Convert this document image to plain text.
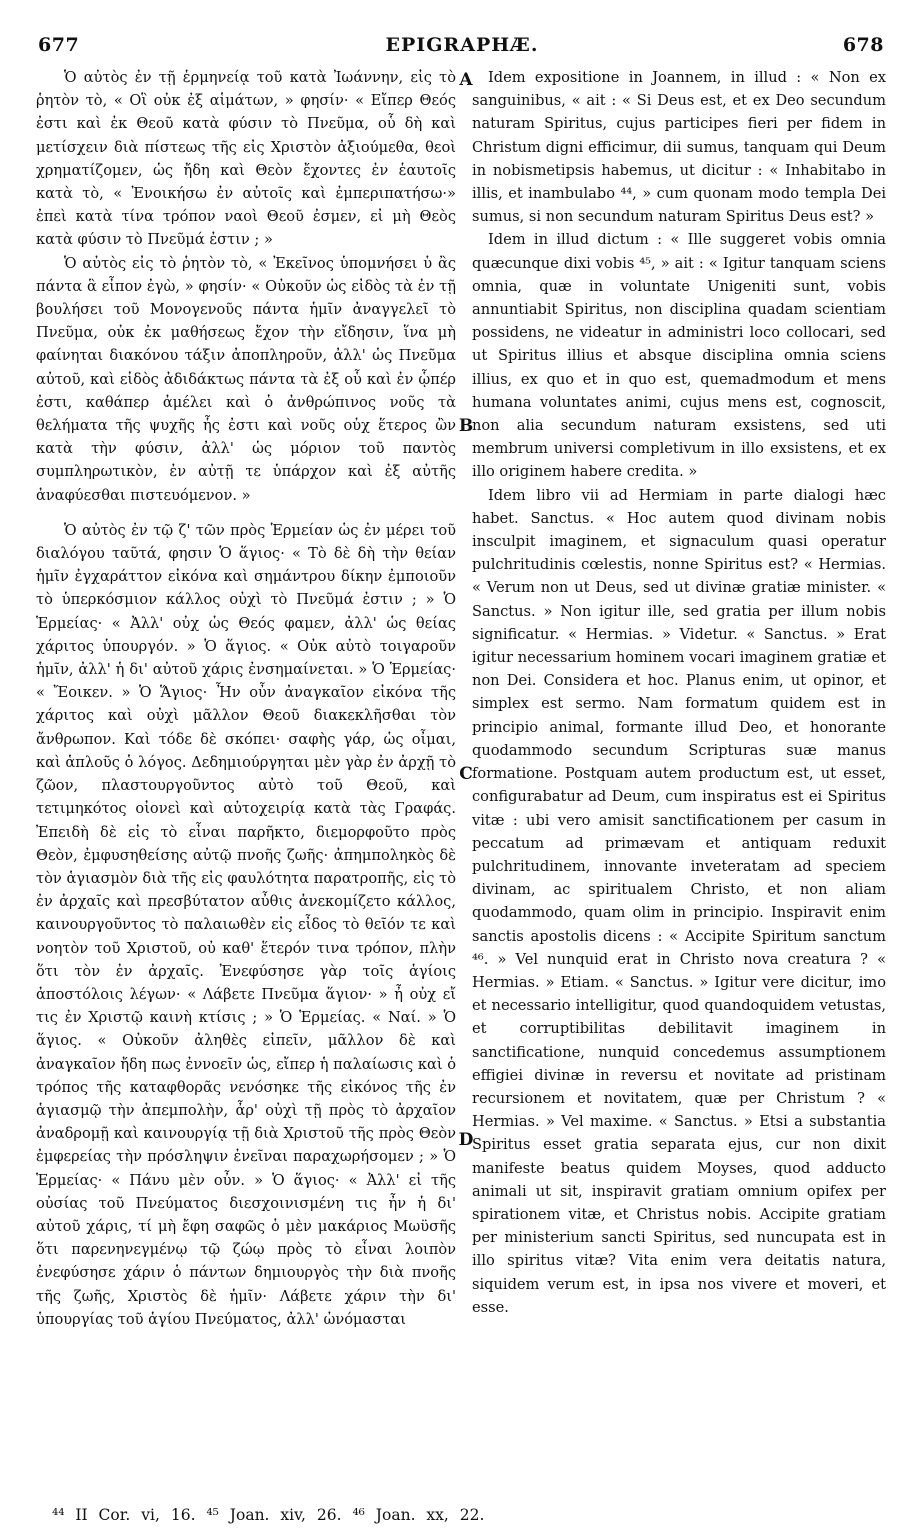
677	EPIGRAPHÆ.	678

Ὁ αὐτὸς ἐν τῇ ἑρμηνείᾳ τοῦ κατὰ Ἰωάννην, εἰς τὸ ῥητὸν τὸ, « Οἳ οὐκ ἐξ αἱμάτων, » φησίν· « Εἴπερ Θεός ἐστι καὶ ἐκ Θεοῦ κατὰ φύσιν τὸ Πνεῦμα, οὗ δὴ καὶ μετίσχειν διὰ πίστεως τῆς εἰς Χριστὸν ἀξιούμεθα, θεοὶ χρηματίζομεν, ὡς ἤδη καὶ Θεὸν ἔχοντες ἐν ἑαυτοῖς κατὰ τὸ, « Ἐνοικήσω ἐν αὐτοῖς καὶ ἐμπεριπατήσω·» ἐπεὶ κατὰ τίνα τρόπον ναοὶ Θεοῦ ἐσμεν, εἰ μὴ Θεὸς κατὰ φύσιν τὸ Πνεῦμά ἐστιν ; »

Ὁ αὐτὸς εἰς τὸ ῥητὸν τὸ, « Ἐκεῖνος ὑπομνήσει ὑ ἂς πάντα ἃ εἶπον ἐγὼ, » φησίν· « Οὐκοῦν ὡς εἰδὸς τὰ ἐν τῇ βουλήσει τοῦ Μονογενοῦς πάντα ἡμῖν ἀναγγελεῖ τὸ Πνεῦμα, οὐκ ἐκ μαθήσεως ἔχον τὴν εἴδησιν, ἵνα μὴ φαίνηται διακόνου τάξιν ἀποπληροῦν, ἀλλ' ὡς Πνεῦμα αὐτοῦ, καὶ εἰδὸς ἀδιδάκτως πάντα τὰ ἐξ οὗ καὶ ἐν ᾧπέρ ἐστι, καθάπερ ἀμέλει καὶ ὁ ἀνθρώπινος νοῦς τὰ θελήματα τῆς ψυχῆς ἧς ἐστι καὶ νοῦς οὐχ ἕτερος ὢν κατὰ τὴν φύσιν, ἀλλ' ὡς μόριον τοῦ παντὸς συμπληρωτικὸν, ἐν αὐτῇ τε ὑπάρχον καὶ ἐξ αὐτῆς ἀναφύεσθαι πιστευόμενον. »

Ὁ αὐτὸς ἐν τῷ ζ' τῶν πρὸς Ἑρμείαν ὡς ἐν μέρει τοῦ διαλόγου ταῦτά, φησιν Ὁ ἅγιος· « Τὸ δὲ δὴ τὴν θείαν ἡμῖν ἐγχαράττον εἰκόνα καὶ σημάντρου δίκην ἐμποιοῦν τὸ ὑπερκόσμιον κάλλος οὐχὶ τὸ Πνεῦμά ἐστιν ; » Ὁ Ἑρμείας· « Ἀλλ' οὐχ ὡς Θεός φαμεν, ἀλλ' ὡς θείας χάριτος ὑπουργόν. » Ὁ ἅγιος. « Οὐκ αὐτὸ τοιγαροῦν ἡμῖν, ἀλλ' ἡ δι' αὐτοῦ χάρις ἐνσημαίνεται. » Ὁ Ἑρμείας· « Ἔοικεν. » Ὁ Ἅγιος· Ἦν οὖν ἀναγκαῖον εἰκόνα τῆς χάριτος καὶ οὐχὶ μᾶλλον Θεοῦ διακεκλῆσθαι τὸν ἄνθρωπον. Καὶ τόδε δὲ σκόπει· σαφὴς γάρ, ὡς οἶμαι, καὶ ἁπλοῦς ὁ λόγος. Δεδημιούργηται μὲν γὰρ ἐν ἀρχῇ τὸ ζῶον, πλαστουργοῦντος αὐτὸ τοῦ Θεοῦ, καὶ τετιμηκότος οἰονεὶ καὶ αὐτοχειρίᾳ κατὰ τὰς Γραφάς. Ἐπειδὴ δὲ εἰς τὸ εἶναι παρῆκτο, διεμορφοῦτο πρὸς Θεὸν, ἐμφυσηθείσης αὐτῷ πνοῆς ζωῆς· ἀπημποληκὸς δὲ τὸν ἁγιασμὸν διὰ τῆς εἰς φαυλότητα παρατροπῆς, εἰς τὸ ἐν ἀρχαῖς καὶ πρεσβύτατον αὖθις ἀνεκομίζετο κάλλος, καινουργοῦντος τὸ παλαιωθὲν εἰς εἶδος τὸ θεῖόν τε καὶ νοητὸν τοῦ Χριστοῦ, οὐ καθ' ἕτερόν τινα τρόπον, πλὴν ὅτι τὸν ἐν ἀρχαῖς. Ἐνεφύσησε γὰρ τοῖς ἁγίοις ἀποστόλοις λέγων· « Λάβετε Πνεῦμα ἅγιον· » ἦ οὐχ εἴ τις ἐν Χριστῷ καινὴ κτίσις ; » Ὁ Ἑρμείας. « Ναί. » Ὁ ἅγιος. « Οὐκοῦν ἀληθὲς εἰπεῖν, μᾶλλον δὲ καὶ ἀναγκαῖον ἤδη πως ἐννοεῖν ὡς, εἴπερ ἡ παλαίωσις καὶ ὁ τρόπος τῆς καταφθορᾶς νενόσηκε τῆς εἰκόνος τῆς ἐν ἁγιασμῷ τὴν ἀπεμπολὴν, ἆρ' οὐχὶ τῇ πρὸς τὸ ἀρχαῖον ἀναδρομῇ καὶ καινουργίᾳ τῇ διὰ Χριστοῦ τῆς πρὸς Θεὸν ἐμφερείας τὴν πρόσληψιν ἐνεῖναι παραχωρήσομεν ; » Ὁ Ἑρμείας· « Πάνυ μὲν οὖν. » Ὁ ἅγιος· « Ἀλλ' εἰ τῆς οὐσίας τοῦ Πνεύματος διεσχοινισμένη τις ἦν ἡ δι' αὐτοῦ χάρις, τί μὴ ἔφη σαφῶς ὁ μὲν μακάριος Μωϋσῆς ὅτι παρενηνεγμένῳ τῷ ζώῳ πρὸς τὸ εἶναι λοιπὸν ἐνεφύσησε χάριν ὁ πάντων δημιουργὸς τὴν διὰ πνοῆς τῆς ζωῆς, Χριστὸς δὲ ἡμῖν· Λάβετε χάριν τὴν δι' ὑπουργίας τοῦ ἁγίου Πνεύματος, ἀλλ' ὠνόμασται

Idem expositione in Joannem, in illud : « Non ex sanguinibus, « ait : « Si Deus est, et ex Deo secundum naturam Spiritus, cujus participes fieri per fidem in Christum digni efficimur, dii sumus, tanquam qui Deum in nobismetipsis habemus, ut dicitur : « Inhabitabo in illis, et inambulabo ⁴⁴, » cum quonam modo templa Dei sumus, si non secundum naturam Spiritus Deus est? »

Idem in illud dictum : « Ille suggeret vobis omnia quæcunque dixi vobis ⁴⁵, » ait : « Igitur tanquam sciens omnia, quæ in voluntate Unigeniti sunt, vobis annuntiabit Spiritus, non disciplina quadam scientiam possidens, ne videatur in administri loco collocari, sed ut Spiritus illius et absque disciplina omnia sciens illius, ex quo et in quo est, quemadmodum et mens humana voluntates animi, cujus mens est, cognoscit, non alia secundum naturam exsistens, sed uti membrum universi completivum in illo exsistens, et ex illo originem habere credita. »

Idem libro vii ad Hermiam in parte dialogi hæc habet. Sanctus. « Hoc autem quod divinam nobis insculpit imaginem, et signaculum quasi operatur pulchritudinis cœlestis, nonne Spiritus est? « Hermias. « Verum non ut Deus, sed ut divinæ gratiæ minister. « Sanctus. » Non igitur ille, sed gratia per illum nobis significatur. « Hermias. » Videtur. « Sanctus. » Erat igitur necessarium hominem vocari imaginem gratiæ et non Dei. Considera et hoc. Planus enim, ut opinor, et simplex est sermo. Nam formatum quidem est in principio animal, formante illud Deo, et honorante quodammodo secundum Scripturas suæ manus formatione. Postquam autem productum est, ut esset, configurabatur ad Deum, cum inspiratus est ei Spiritus vitæ : ubi vero amisit sanctificationem per casum in peccatum ad primævam et antiquam reduxit pulchritudinem, innovante inveteratam ad speciem divinam, ac spiritualem Christo, et non aliam quodammodo, quam olim in principio. Inspiravit enim sanctis apostolis dicens : « Accipite Spiritum sanctum ⁴⁶. » Vel nunquid erat in Christo nova creatura ? « Hermias. » Etiam. « Sanctus. » Igitur vere dicitur, imo et necessario intelligitur, quod quandoquidem vetustas, et corruptibilitas debilitavit imaginem in sanctificatione, nunquid concedemus assumptionem effigiei divinæ in reversu et novitate ad pristinam recursionem et novitatem, quæ per Christum ? « Hermias. » Vel maxime. « Sanctus. » Etsi a substantia Spiritus esset gratia separata ejus, cur non dixit manifeste beatus quidem Moyses, quod adducto animali ut sit, inspiravit gratiam omnium opifex per spirationem vitæ, et Christus nobis. Accipite gratiam per ministerium sancti Spiritus, sed nuncupata est in illo spiritus vitæ? Vita enim vera deitatis natura, siquidem verum est, in ipsa nos vivere et moveri, et esse.

A
B
C
D
⁴⁴ II Cor. vi, 16. ⁴⁵ Joan. xiv, 26. ⁴⁶ Joan. xx, 22.
